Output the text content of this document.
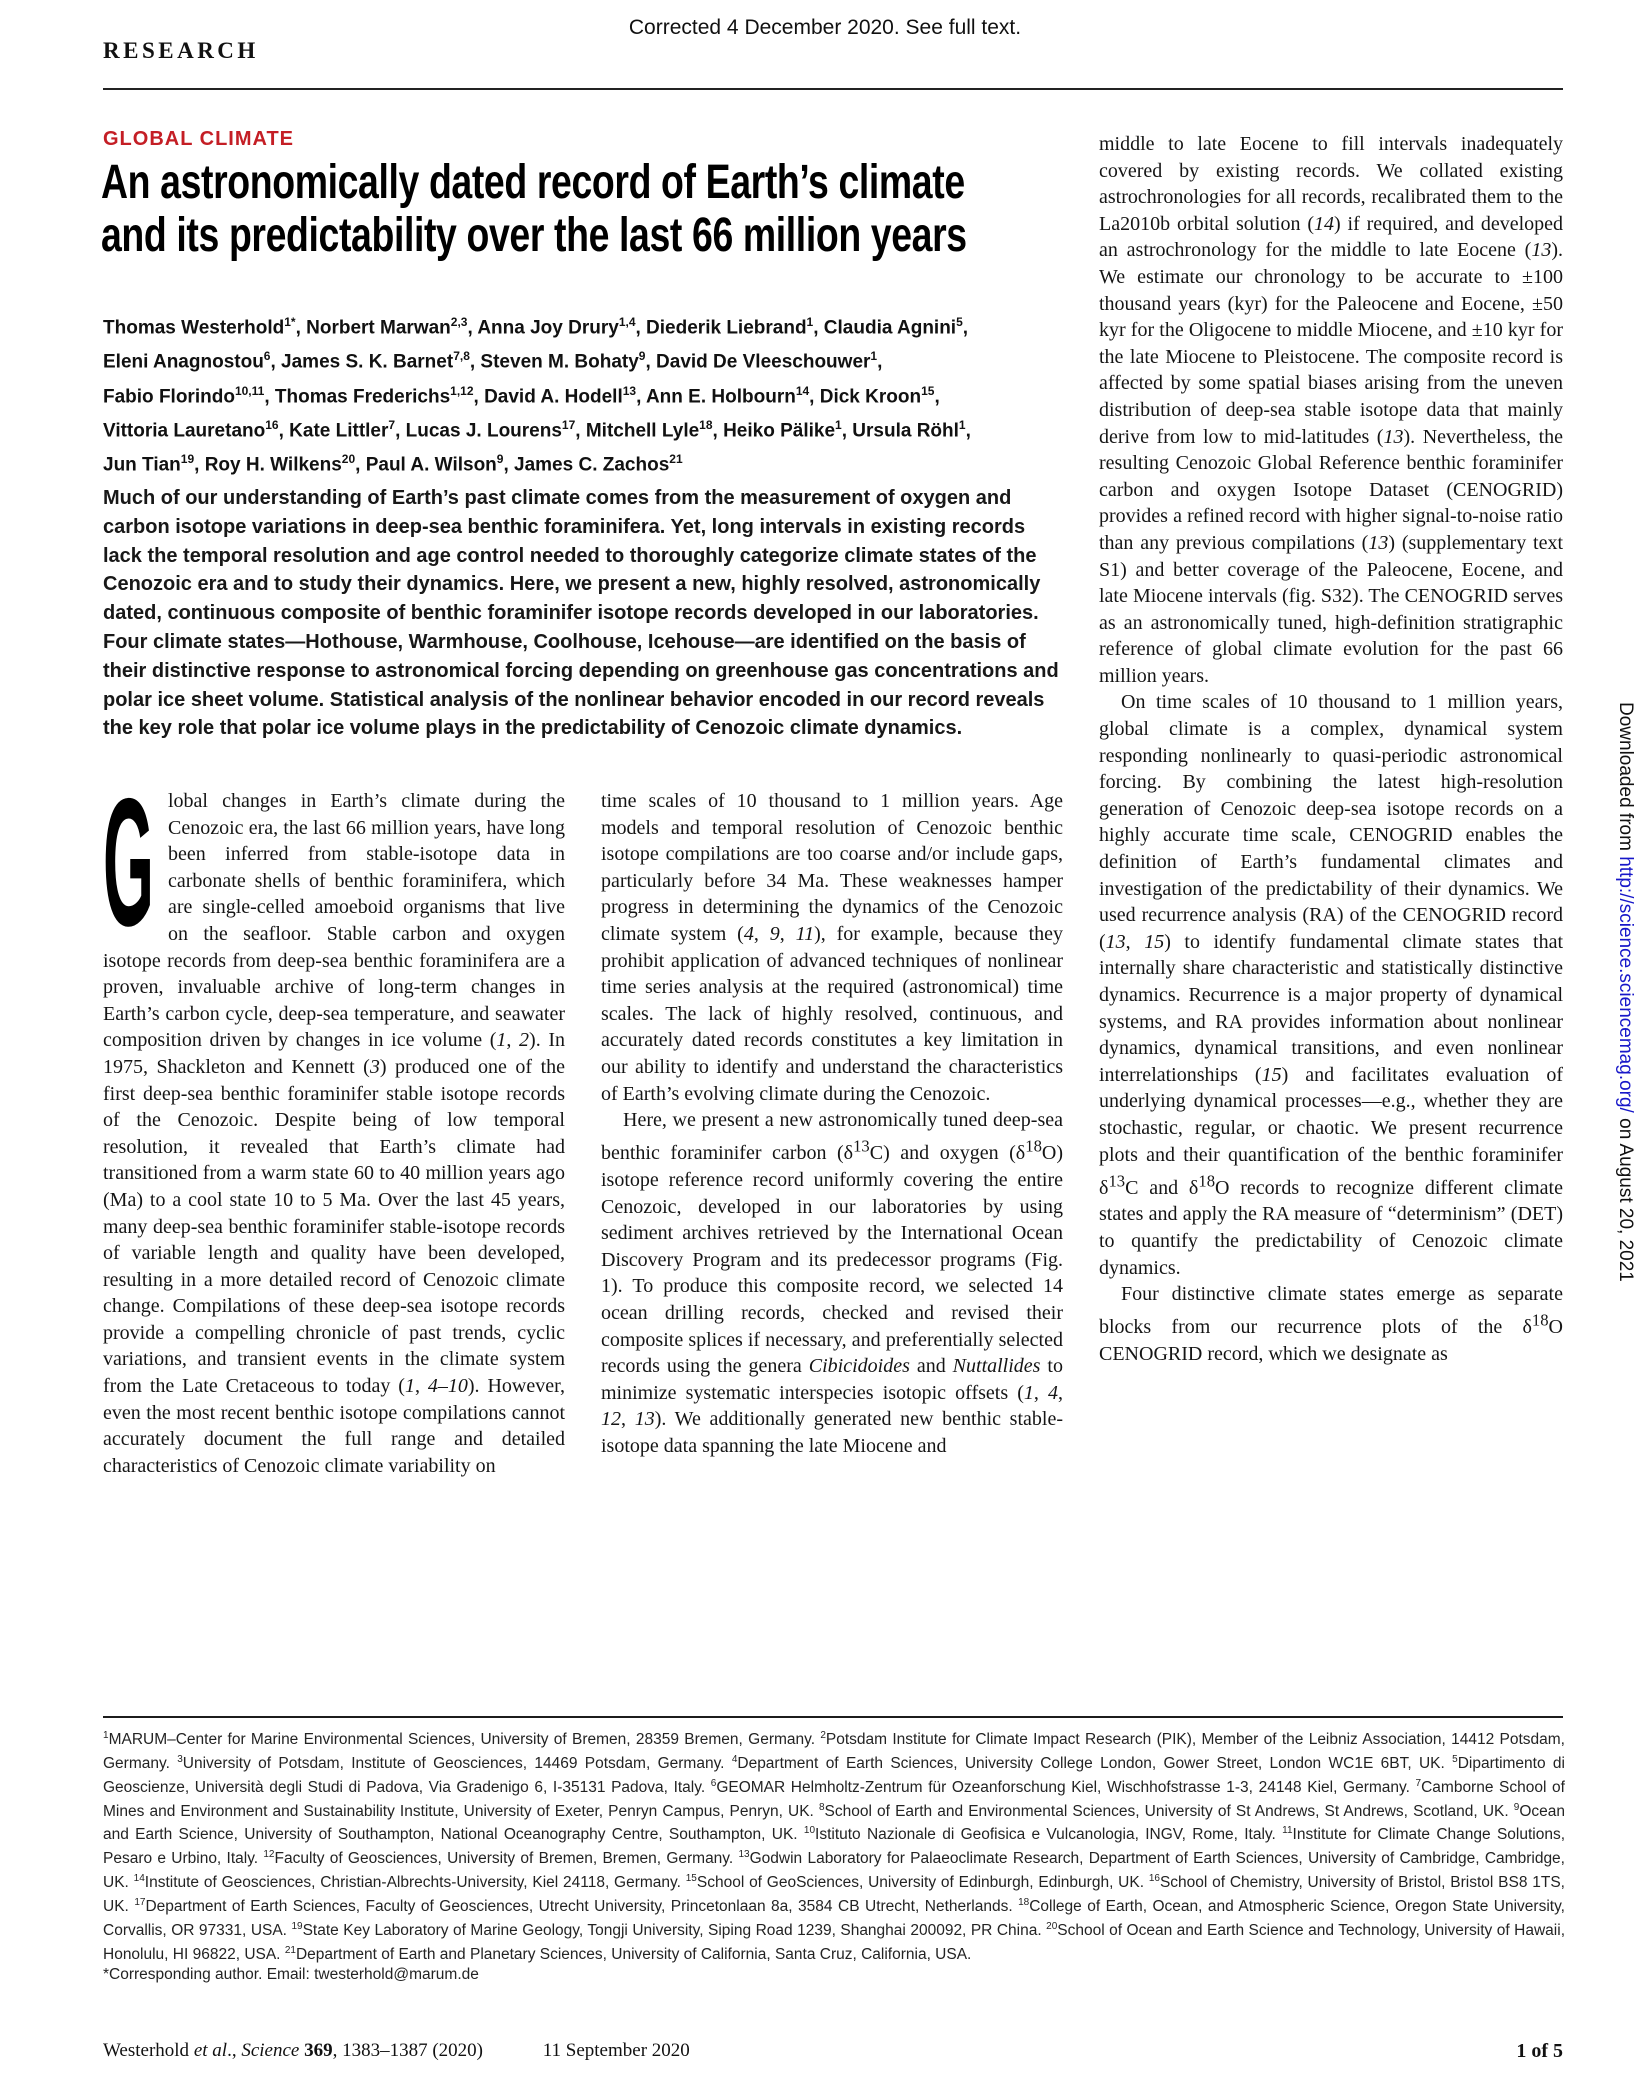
Corrected 4 December 2020. See full text.
RESEARCH
GLOBAL CLIMATE
An astronomically dated record of Earth’s climate
and its predictability over the last 66 million years
Thomas Westerhold$^{1*}$, Norbert Marwan$^{2,3}$, Anna Joy Drury$^{1,4}$, Diederik Liebrand$^1$, Claudia Agnini$^5$,
Eleni Anagnostou$^6$, James S. K. Barnet$^{7,8}$, Steven M. Bohaty$^9$, David De Vleeschouwer$^1$,
Fabio Florindo$^{10,11}$, Thomas Frederichs$^{1,12}$, David A. Hodell$^{13}$, Ann E. Holbourn$^{14}$, Dick Kroon$^{15}$,
Vittoria Lauretano$^{16}$, Kate Littler$^7$, Lucas J. Lourens$^{17}$, Mitchell Lyle$^{18}$, Heiko Pälike$^1$, Ursula Röhl$^1$,
Jun Tian$^{19}$, Roy H. Wilkens$^{20}$, Paul A. Wilson$^9$, James C. Zachos$^{21}$
Much of our understanding of Earth’s past climate comes from the measurement of oxygen and carbon isotope variations in deep-sea benthic foraminifera. Yet, long intervals in existing records lack the temporal resolution and age control needed to thoroughly categorize climate states of the Cenozoic era and to study their dynamics. Here, we present a new, highly resolved, astronomically dated, continuous composite of benthic foraminifer isotope records developed in our laboratories. Four climate states—Hothouse, Warmhouse, Coolhouse, Icehouse—are identified on the basis of their distinctive response to astronomical forcing depending on greenhouse gas concentrations and polar ice sheet volume. Statistical analysis of the nonlinear behavior encoded in our record reveals the key role that polar ice volume plays in the predictability of Cenozoic climate dynamics.

Global changes in Earth’s climate during the Cenozoic era, the last 66 million years, have long been inferred from stable-isotope data in carbonate shells of benthic foraminifera, which are single-celled amoeboid organisms that live on the seafloor. Stable carbon and oxygen isotope records from deep-sea benthic foraminifera are a proven, invaluable archive of long-term changes in Earth’s carbon cycle, deep-sea temperature, and seawater composition driven by changes in ice volume (1, 2). In 1975, Shackleton and Kennett (3) produced one of the first deep-sea benthic foraminifer stable isotope records of the Cenozoic. Despite being of low temporal resolution, it revealed that Earth’s climate had transitioned from a warm state 60 to 40 million years ago (Ma) to a cool state 10 to 5 Ma. Over the last 45 years, many deep-sea benthic foraminifer stable-isotope records of variable length and quality have been developed, resulting in a more detailed record of Cenozoic climate change. Compilations of these deep-sea isotope records provide a compelling chronicle of past trends, cyclic variations, and transient events in the climate system from the Late Cretaceous to today (1, 4–10). However, even the most recent benthic isotope compilations cannot accurately document the full range and detailed characteristics of Cenozoic climate variability on

time scales of 10 thousand to 1 million years. Age models and temporal resolution of Cenozoic benthic isotope compilations are too coarse and/or include gaps, particularly before 34 Ma. These weaknesses hamper progress in determining the dynamics of the Cenozoic climate system (4, 9, 11), for example, because they prohibit application of advanced techniques of nonlinear time series analysis at the required (astronomical) time scales. The lack of highly resolved, continuous, and accurately dated records constitutes a key limitation in our ability to identify and understand the characteristics of Earth’s evolving climate during the Cenozoic.

Here, we present a new astronomically tuned deep-sea benthic foraminifer carbon $(\delta^{13}C)$ and oxygen $(\delta^{18}O)$ isotope reference record uniformly covering the entire Cenozoic, developed in our laboratories by using sediment archives retrieved by the International Ocean Discovery Program and its predecessor programs (Fig. 1). To produce this composite record, we selected 14 ocean drilling records, checked and revised their composite splices if necessary, and preferentially selected records using the genera Cibicidoides and Nuttallides to minimize systematic interspecies isotopic offsets (1, 4, 12, 13). We additionally generated new benthic stable-isotope data spanning the late Miocene and

middle to late Eocene to fill intervals inadequately covered by existing records. We collated existing astrochronologies for all records, recalibrated them to the La2010b orbital solution (14) if required, and developed an astrochronology for the middle to late Eocene (13). We estimate our chronology to be accurate to ±100 thousand years (kyr) for the Paleocene and Eocene, ±50 kyr for the Oligocene to middle Miocene, and ±10 kyr for the late Miocene to Pleistocene. The composite record is affected by some spatial biases arising from the uneven distribution of deep-sea stable isotope data that mainly derive from low to mid-latitudes (13). Nevertheless, the resulting Cenozoic Global Reference benthic foraminifer carbon and oxygen Isotope Dataset (CENOGRID) provides a refined record with higher signal-to-noise ratio than any previous compilations (13) (supplementary text S1) and better coverage of the Paleocene, Eocene, and late Miocene intervals (fig. S32). The CENOGRID serves as an astronomically tuned, high-definition stratigraphic reference of global climate evolution for the past 66 million years.

On time scales of 10 thousand to 1 million years, global climate is a complex, dynamical system responding nonlinearly to quasi-periodic astronomical forcing. By combining the latest high-resolution generation of Cenozoic deep-sea isotope records on a highly accurate time scale, CENOGRID enables the definition of Earth’s fundamental climates and investigation of the predictability of their dynamics. We used recurrence analysis (RA) of the CENOGRID record (13, 15) to identify fundamental climate states that internally share characteristic and statistically distinctive dynamics. Recurrence is a major property of dynamical systems, and RA provides information about nonlinear dynamics, dynamical transitions, and even nonlinear interrelationships (15) and facilitates evaluation of underlying dynamical processes—e.g., whether they are stochastic, regular, or chaotic. We present recurrence plots and their quantification of the benthic foraminifer $\delta^{13}C$ and $\delta^{18}O$ records to recognize different climate states and apply the RA measure of “determinism” (DET) to quantify the predictability of Cenozoic climate dynamics.

Four distinctive climate states emerge as separate blocks from our recurrence plots of the $\delta^{18}O$ CENOGRID record, which we designate as

$^1$MARUM–Center for Marine Environmental Sciences, University of Bremen, 28359 Bremen, Germany. $^2$Potsdam Institute for Climate Impact Research (PIK), Member of the Leibniz Association, 14412 Potsdam, Germany. $^3$University of Potsdam, Institute of Geosciences, 14469 Potsdam, Germany. $^4$Department of Earth Sciences, University College London, Gower Street, London WC1E 6BT, UK. $^5$Dipartimento di Geoscienze, Università degli Studi di Padova, Via Gradenigo 6, I-35131 Padova, Italy. $^6$GEOMAR Helmholtz-Zentrum für Ozeanforschung Kiel, Wischhofstrasse 1-3, 24148 Kiel, Germany. $^7$Camborne School of Mines and Environment and Sustainability Institute, University of Exeter, Penryn Campus, Penryn, UK. $^8$School of Earth and Environmental Sciences, University of St Andrews, St Andrews, Scotland, UK. $^9$Ocean and Earth Science, University of Southampton, National Oceanography Centre, Southampton, UK. $^{10}$Istituto Nazionale di Geofisica e Vulcanologia, INGV, Rome, Italy. $^{11}$Institute for Climate Change Solutions, Pesaro e Urbino, Italy. $^{12}$Faculty of Geosciences, University of Bremen, Bremen, Germany. $^{13}$Godwin Laboratory for Palaeoclimate Research, Department of Earth Sciences, University of Cambridge, Cambridge, UK. $^{14}$Institute of Geosciences, Christian-Albrechts-University, Kiel 24118, Germany. $^{15}$School of GeoSciences, University of Edinburgh, Edinburgh, UK. $^{16}$School of Chemistry, University of Bristol, Bristol BS8 1TS, UK. $^{17}$Department of Earth Sciences, Faculty of Geosciences, Utrecht University, Princetonlaan 8a, 3584 CB Utrecht, Netherlands. $^{18}$College of Earth, Ocean, and Atmospheric Science, Oregon State University, Corvallis, OR 97331, USA. $^{19}$State Key Laboratory of Marine Geology, Tongji University, Siping Road 1239, Shanghai 200092, PR China. $^{20}$School of Ocean and Earth Science and Technology, University of Hawaii, Honolulu, HI 96822, USA. $^{21}$Department of Earth and Planetary Sciences, University of California, Santa Cruz, California, USA.
*Corresponding author. Email: twesterhold@marum.de
1 of 5
Westerhold et al., Science 369, 1383–1387 (2020)	11 September 2020
Downloaded from http://science.sciencemag.org/ on August 20, 2021
